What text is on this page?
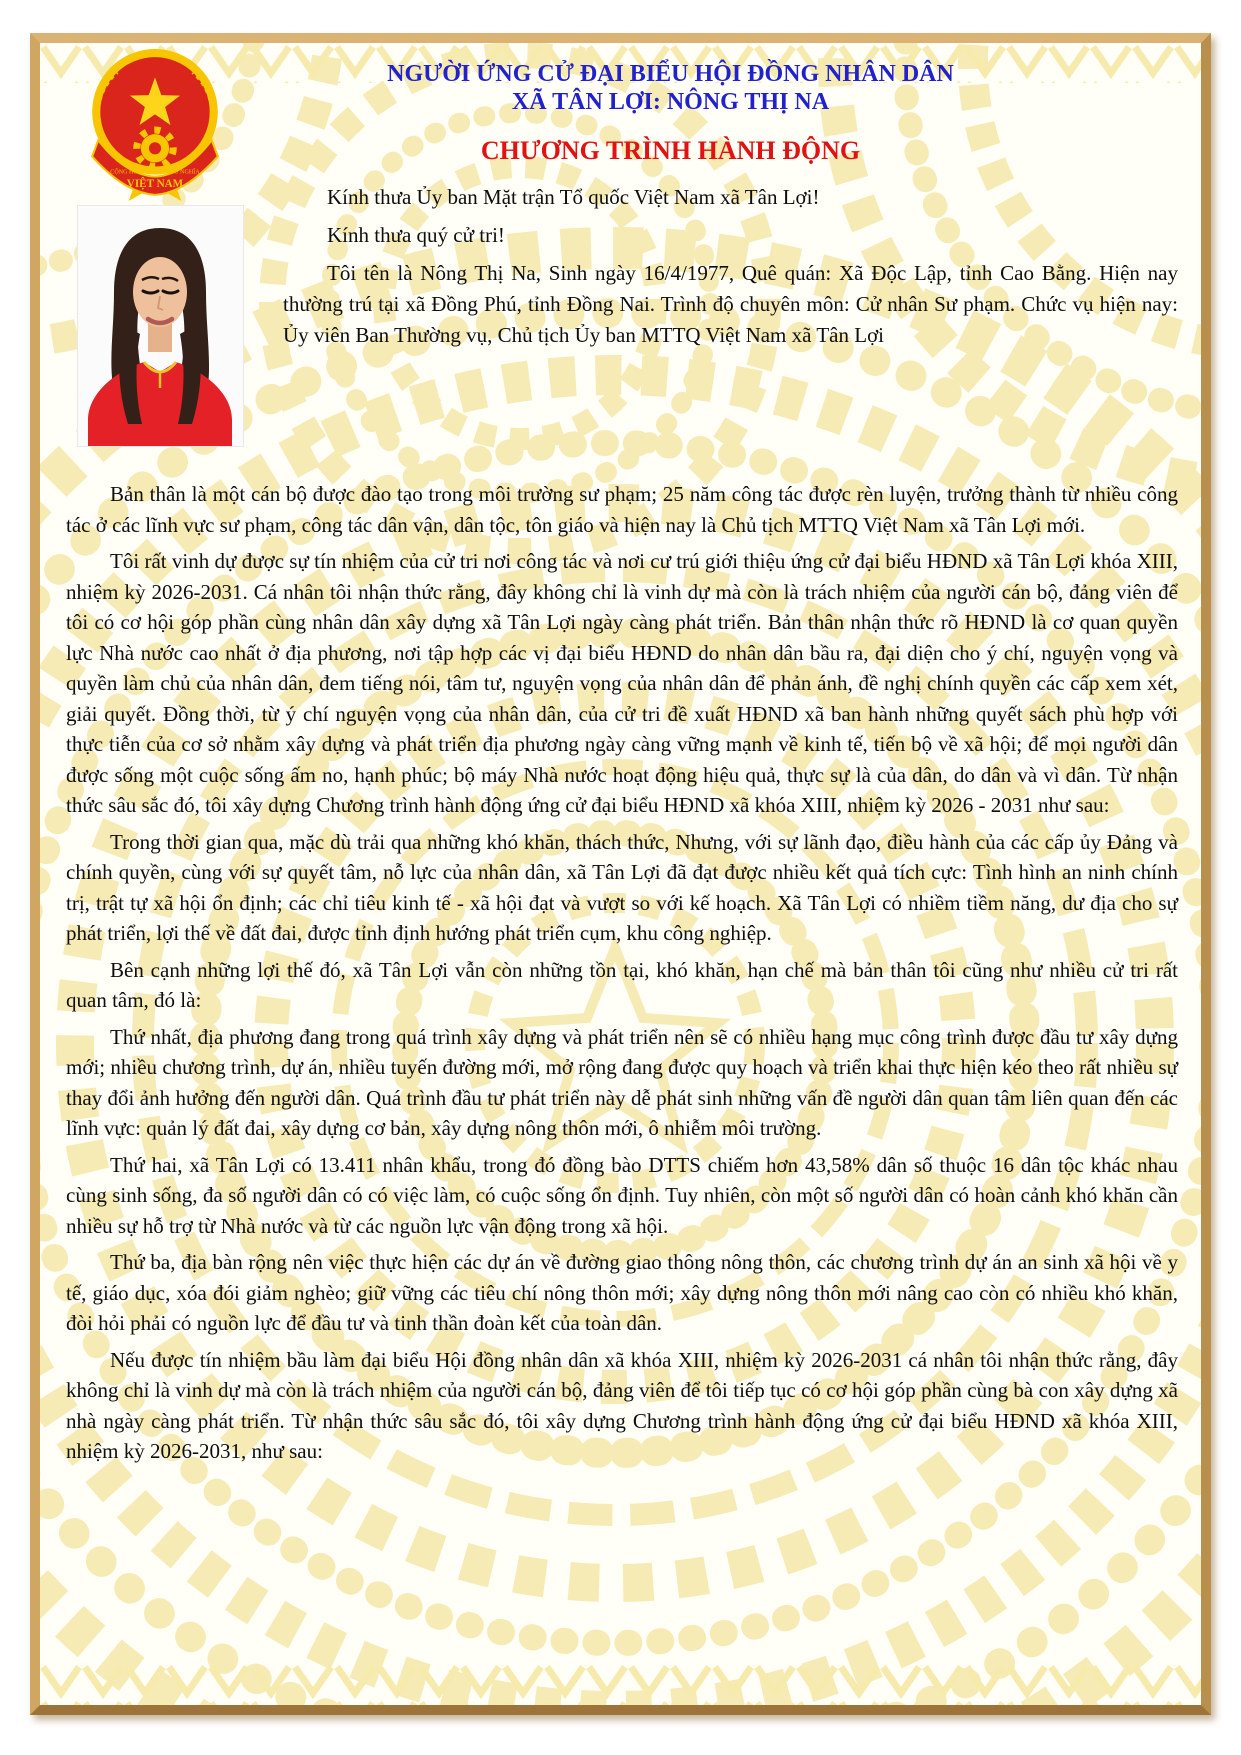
CỘNG HÒA XÃ HỘI CHỦ NGHĨA
VIỆT NAM
NGƯỜI ỨNG CỬ ĐẠI BIỂU HỘI ĐỒNG NHÂN DÂN
XÃ TÂN LỢI: NÔNG THỊ NA
CHƯƠNG TRÌNH HÀNH ĐỘNG

Kính thưa Ủy ban Mặt trận Tổ quốc Việt Nam xã Tân Lợi!

Kính thưa quý cử tri!

Tôi tên là Nông Thị Na, Sinh ngày 16/4/1977, Quê quán: Xã Độc Lập, tỉnh Cao Bằng. Hiện nay thường trú tại xã Đồng Phú, tỉnh Đồng Nai. Trình độ chuyên môn: Cử nhân Sư phạm. Chức vụ hiện nay: Ủy viên Ban Thường vụ, Chủ tịch Ủy ban MTTQ Việt Nam xã Tân Lợi

Bản thân là một cán bộ được đào tạo trong môi trường sư phạm; 25 năm công tác được rèn luyện, trưởng thành từ nhiều công tác ở các lĩnh vực sư phạm, công tác dân vận, dân tộc, tôn giáo và hiện nay là Chủ tịch MTTQ Việt Nam xã Tân Lợi mới.

Tôi rất vinh dự được sự tín nhiệm của cử tri nơi công tác và nơi cư trú giới thiệu ứng cử đại biểu HĐND xã Tân Lợi khóa XIII, nhiệm kỳ 2026-2031. Cá nhân tôi nhận thức rằng, đây không chỉ là vinh dự mà còn là trách nhiệm của người cán bộ, đảng viên để tôi có cơ hội góp phần cùng nhân dân xây dựng xã Tân Lợi ngày càng phát triển. Bản thân nhận thức rõ HĐND là cơ quan quyền lực Nhà nước cao nhất ở địa phương, nơi tập hợp các vị đại biểu HĐND do nhân dân bầu ra, đại diện cho ý chí, nguyện vọng và quyền làm chủ của nhân dân, đem tiếng nói, tâm tư, nguyện vọng của nhân dân để phản ánh, đề nghị chính quyền các cấp xem xét, giải quyết. Đồng thời, từ ý chí nguyện vọng của nhân dân, của cử tri đề xuất HĐND xã ban hành những quyết sách phù hợp với thực tiễn của cơ sở nhằm xây dựng và phát triển địa phương ngày càng vững mạnh về kinh tế, tiến bộ về xã hội; để mọi người dân được sống một cuộc sống ấm no, hạnh phúc; bộ máy Nhà nước hoạt động hiệu quả, thực sự là của dân, do dân và vì dân. Từ nhận thức sâu sắc đó, tôi xây dựng Chương trình hành động ứng cử đại biểu HĐND xã khóa XIII, nhiệm kỳ 2026 - 2031 như sau:

Trong thời gian qua, mặc dù trải qua những khó khăn, thách thức, Nhưng, với sự lãnh đạo, điều hành của các cấp ủy Đảng và chính quyền, cùng với sự quyết tâm, nỗ lực của nhân dân, xã Tân Lợi đã đạt được nhiều kết quả tích cực: Tình hình an ninh chính trị, trật tự xã hội ổn định; các chỉ tiêu kinh tế - xã hội đạt và vượt so với kế hoạch. Xã Tân Lợi có nhiềm tiềm năng, dư địa cho sự phát triển, lợi thế về đất đai, được tỉnh định hướng phát triển cụm, khu công nghiệp.

Bên cạnh những lợi thế đó, xã Tân Lợi vẫn còn những tồn tại, khó khăn, hạn chế mà bản thân tôi cũng như nhiều cử tri rất quan tâm, đó là:

Thứ nhất, địa phương đang trong quá trình xây dựng và phát triển nên sẽ có nhiều hạng mục công trình được đầu tư xây dựng mới; nhiều chương trình, dự án, nhiều tuyến đường mới, mở rộng đang được quy hoạch và triển khai thực hiện kéo theo rất nhiều sự thay đổi ảnh hưởng đến người dân. Quá trình đầu tư phát triển này dễ phát sinh những vấn đề người dân quan tâm liên quan đến các lĩnh vực: quản lý đất đai, xây dựng cơ bản, xây dựng nông thôn mới, ô nhiễm môi trường.

Thứ hai, xã Tân Lợi có 13.411 nhân khẩu, trong đó đồng bào DTTS chiếm hơn 43,58% dân số thuộc 16 dân tộc khác nhau cùng sinh sống, đa số người dân có có việc làm, có cuộc sống ổn định. Tuy nhiên, còn một số người dân có hoàn cảnh khó khăn cần nhiều sự hỗ trợ từ Nhà nước và từ các nguồn lực vận động trong xã hội.

Thứ ba, địa bàn rộng nên việc thực hiện các dự án về đường giao thông nông thôn, các chương trình dự án an sinh xã hội về y tế, giáo dục, xóa đói giảm nghèo; giữ vững các tiêu chí nông thôn mới; xây dựng nông thôn mới nâng cao còn có nhiều khó khăn, đòi hỏi phải có nguồn lực để đầu tư và tinh thần đoàn kết của toàn dân.

Nếu được tín nhiệm bầu làm đại biểu Hội đồng nhân dân xã khóa XIII, nhiệm kỳ 2026-2031 cá nhân tôi nhận thức rằng, đây không chỉ là vinh dự mà còn là trách nhiệm của người cán bộ, đảng viên để tôi tiếp tục có cơ hội góp phần cùng bà con xây dựng xã nhà ngày càng phát triển. Từ nhận thức sâu sắc đó, tôi xây dựng Chương trình hành động ứng cử đại biểu HĐND xã khóa XIII, nhiệm kỳ 2026-2031, như sau:
